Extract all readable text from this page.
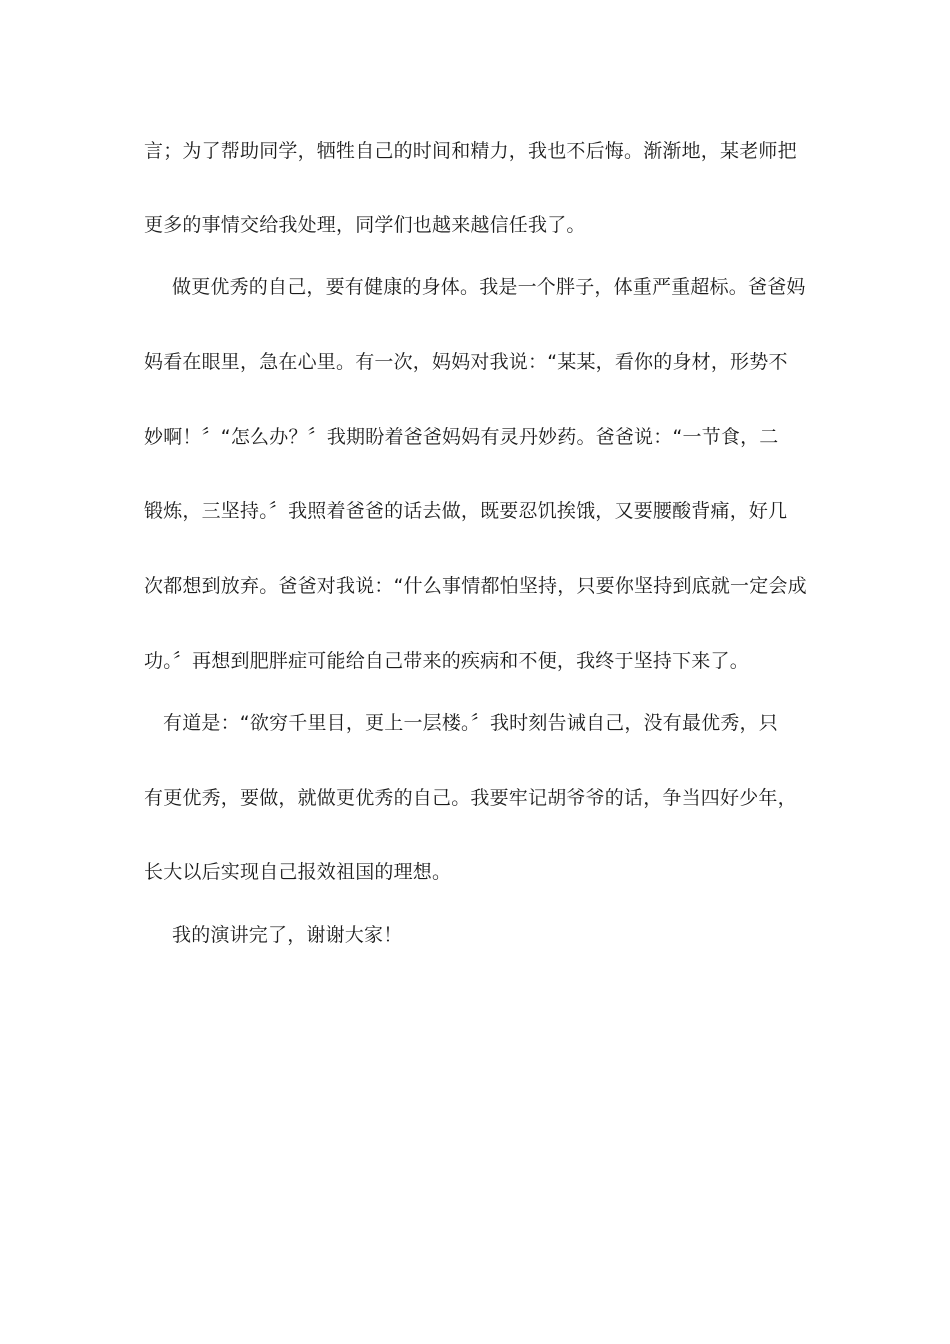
言；为了帮助同学，牺牲自己的时间和精力，我也不后悔。渐渐地，某老师把
更多的事情交给我处理，同学们也越来越信任我了。
做更优秀的自己，要有健康的身体。我是一个胖子，体重严重超标。爸爸妈
妈看在眼里，急在心里。有一次，妈妈对我说：“某某，看你的身材，形势不
妙啊！〞“怎么办？〞我期盼着爸爸妈妈有灵丹妙药。爸爸说：“一节食，二
锻炼，三坚持。〞我照着爸爸的话去做，既要忍饥挨饿，又要腰酸背痛，好几
次都想到放弃。爸爸对我说：“什么事情都怕坚持，只要你坚持到底就一定会成
功。〞再想到肥胖症可能给自己带来的疾病和不便，我终于坚持下来了。
有道是：“欲穷千里目，更上一层楼。〞我时刻告诫自己，没有最优秀，只
有更优秀，要做，就做更优秀的自己。我要牢记胡爷爷的话，争当四好少年，
长大以后实现自己报效祖国的理想。
我的演讲完了，谢谢大家！
